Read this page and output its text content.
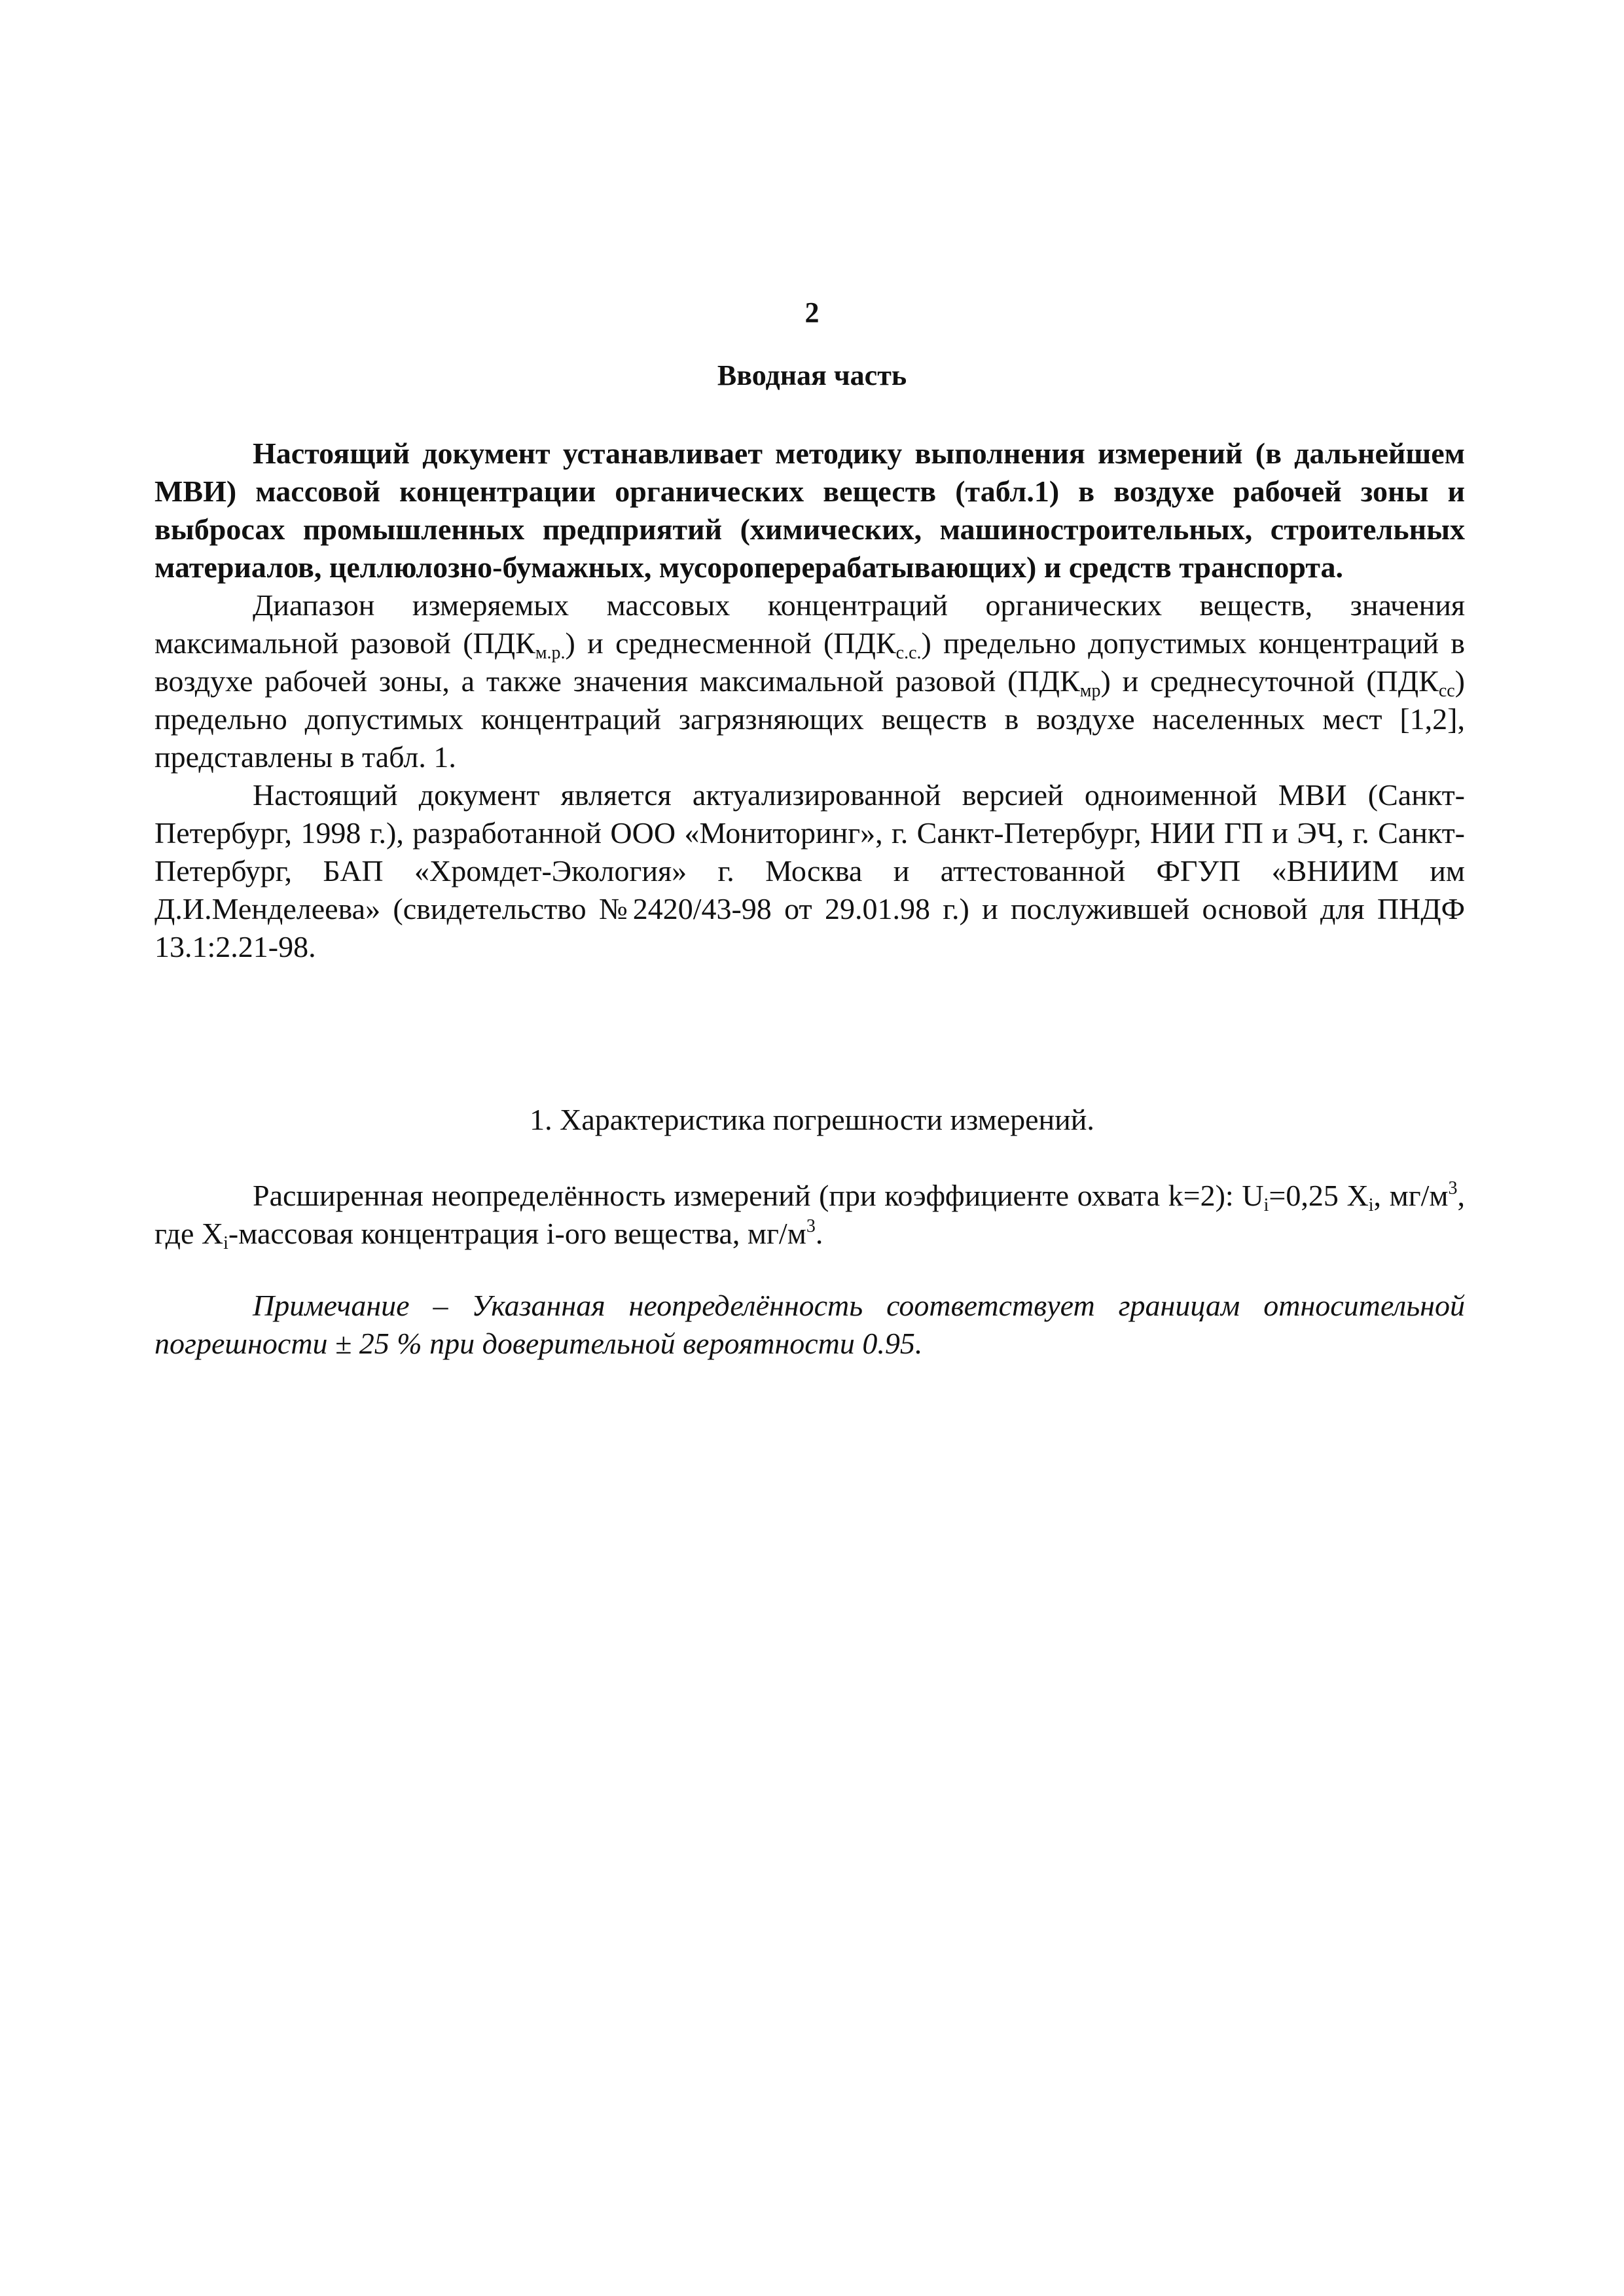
2
Вводная часть

Настоящий документ устанавливает методику выполнения измерений (в дальнейшем МВИ) массовой концентрации органических веществ (табл.1) в воздухе рабочей зоны и выбросах промышленных предприятий (химических, машиностроительных, строительных материалов, целлюлозно-бумажных, мусороперерабатывающих) и средств транспорта.

Диапазон измеряемых массовых концентраций органических веществ, значения максимальной разовой $(ПДК_{м.р.})$ и среднесменной $(ПДК_{с.с.})$ предельно допустимых концентраций в воздухе рабочей зоны, а также значения максимальной разовой $(ПДК_{мр})$ и среднесуточной $(ПДК_{сс})$ предельно допустимых концентраций загрязняющих веществ в воздухе населенных мест [1,2], представлены в табл. 1.

Настоящий документ является актуализированной версией одноименной МВИ (Санкт-Петербург, 1998 г.), разработанной ООО «Мониторинг», г. Санкт-Петербург, НИИ ГП и ЭЧ, г. Санкт-Петербург, БАП «Хромдет-Экология» г. Москва и аттестованной ФГУП «ВНИИМ им Д.И.Менделеева» (свидетельство №2420/43-98 от 29.01.98 г.) и послужившей основой для ПНДФ 13.1:2.21-98.

1. Характеристика погрешности измерений.

Расширенная неопределённость измерений (при коэффициенте охвата k=2): $U_i=0,25$ $X_i$, $мг/м^3$, где $X_i$-массовая концентрация i-ого вещества, $мг/м^3$.

Примечание – Указанная неопределённость соответствует границам относительной погрешности ± 25 % при доверительной вероятности 0.95.
